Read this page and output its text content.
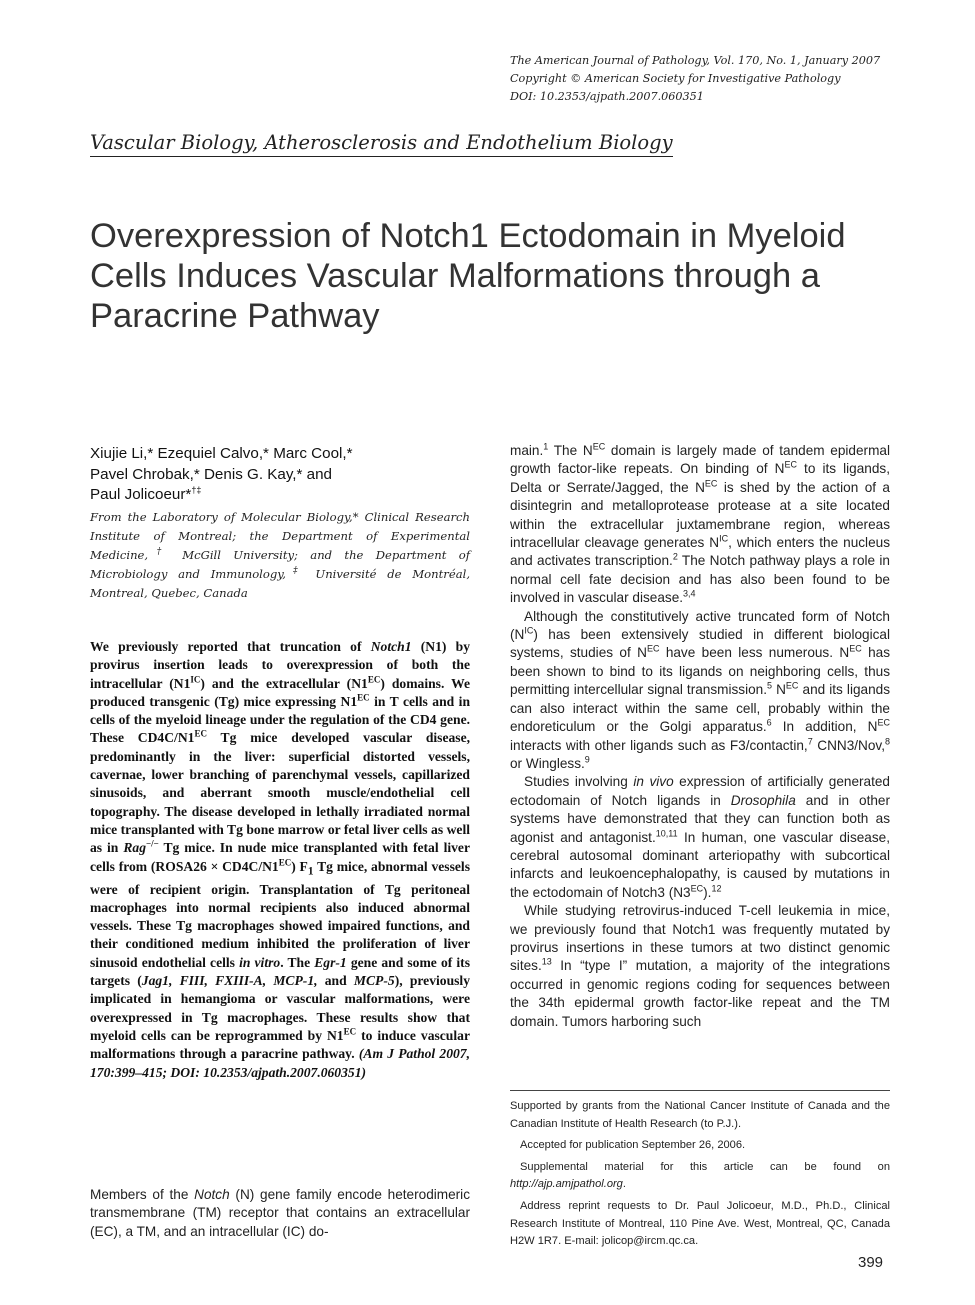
The American Journal of Pathology, Vol. 170, No. 1, January 2007
Copyright © American Society for Investigative Pathology
DOI: 10.2353/ajpath.2007.060351
Vascular Biology, Atherosclerosis and Endothelium Biology
Overexpression of Notch1 Ectodomain in Myeloid Cells Induces Vascular Malformations through a Paracrine Pathway
Xiujie Li,* Ezequiel Calvo,* Marc Cool,*
Pavel Chrobak,* Denis G. Kay,* and
Paul Jolicoeur*†‡
From the Laboratory of Molecular Biology,* Clinical Research Institute of Montreal; the Department of Experimental Medicine,† McGill University; and the Department of Microbiology and Immunology,‡ Université de Montréal, Montreal, Quebec, Canada

We previously reported that truncation of Notch1 (N1) by provirus insertion leads to overexpression of both the intracellular $(N1^{IC})$ and the extracellular $(N1^{EC})$ domains. We produced transgenic (Tg) mice expressing $N1^{EC}$ in T cells and in cells of the myeloid lineage under the regulation of the CD4 gene. These $CD4C/N1^{EC}$ Tg mice developed vascular disease, predominantly in the liver: superficial distorted vessels, cavernae, lower branching of parenchymal vessels, capillarized sinusoids, and aberrant smooth muscle/endothelial cell topography. The disease developed in lethally irradiated normal mice transplanted with Tg bone marrow or fetal liver cells as well as in Rag−/− Tg mice. In nude mice transplanted with fetal liver cells from (ROSA26 × $CD4C/N1^{EC}$) $F_1$ Tg mice, abnormal vessels were of recipient origin. Transplantation of Tg peritoneal macrophages into normal recipients also induced abnormal vessels. These Tg macrophages showed impaired functions, and their conditioned medium inhibited the proliferation of liver sinusoid endothelial cells in vitro. The Egr-1 gene and some of its targets (Jag1, FIII, FXIII-A, MCP-1, and MCP-5), previously implicated in hemangioma or vascular malformations, were overexpressed in Tg macrophages. These results show that myeloid cells can be reprogrammed by $N1^{EC}$ to induce vascular malformations through a paracrine pathway. (Am J Pathol 2007, 170:399–415; DOI: 10.2353/ajpath.2007.060351)

Members of the Notch (N) gene family encode heterodimeric transmembrane (TM) receptor that contains an extracellular (EC), a TM, and an intracellular (IC) do-

main.$^1$ The $N^{EC}$ domain is largely made of tandem epidermal growth factor-like repeats. On binding of $N^{EC}$ to its ligands, Delta or Serrate/Jagged, the $N^{EC}$ is shed by the action of a disintegrin and metalloprotease protease at a site located within the extracellular juxtamembrane region, whereas intracellular cleavage generates $N^{IC}$, which enters the nucleus and activates transcription.$^2$ The Notch pathway plays a role in normal cell fate decision and has also been found to be involved in vascular disease.$^{3,4}$

Although the constitutively active truncated form of Notch $(N^{IC})$ has been extensively studied in different biological systems, studies of $N^{EC}$ have been less numerous. $N^{EC}$ has been shown to bind to its ligands on neighboring cells, thus permitting intercellular signal transmission.$^5$ $N^{EC}$ and its ligands can also interact within the same cell, probably within the endoreticulum or the Golgi apparatus.$^6$ In addition, $N^{EC}$ interacts with other ligands such as F3/contactin,$^7$ CNN3/Nov,$^8$ or Wingless.$^9$

Studies involving in vivo expression of artificially generated ectodomain of Notch ligands in Drosophila and in other systems have demonstrated that they can function both as agonist and antagonist.$^{10,11}$ In human, one vascular disease, cerebral autosomal dominant arteriopathy with subcortical infarcts and leukoencephalopathy, is caused by mutations in the ectodomain of Notch3 $(N3^{EC}).^{12}$

While studying retrovirus-induced T-cell leukemia in mice, we previously found that Notch1 was frequently mutated by provirus insertions in these tumors at two distinct genomic sites.$^{13}$ In “type I” mutation, a majority of the integrations occurred in genomic regions coding for sequences between the 34th epidermal growth factor-like repeat and the TM domain. Tumors harboring such

Supported by grants from the National Cancer Institute of Canada and the Canadian Institute of Health Research (to P.J.).

Accepted for publication September 26, 2006.

Supplemental material for this article can be found on http://ajp.amjpathol.org.

Address reprint requests to Dr. Paul Jolicoeur, M.D., Ph.D., Clinical Research Institute of Montreal, 110 Pine Ave. West, Montreal, QC, Canada H2W 1R7. E-mail: jolicop@ircm.qc.ca.

399
